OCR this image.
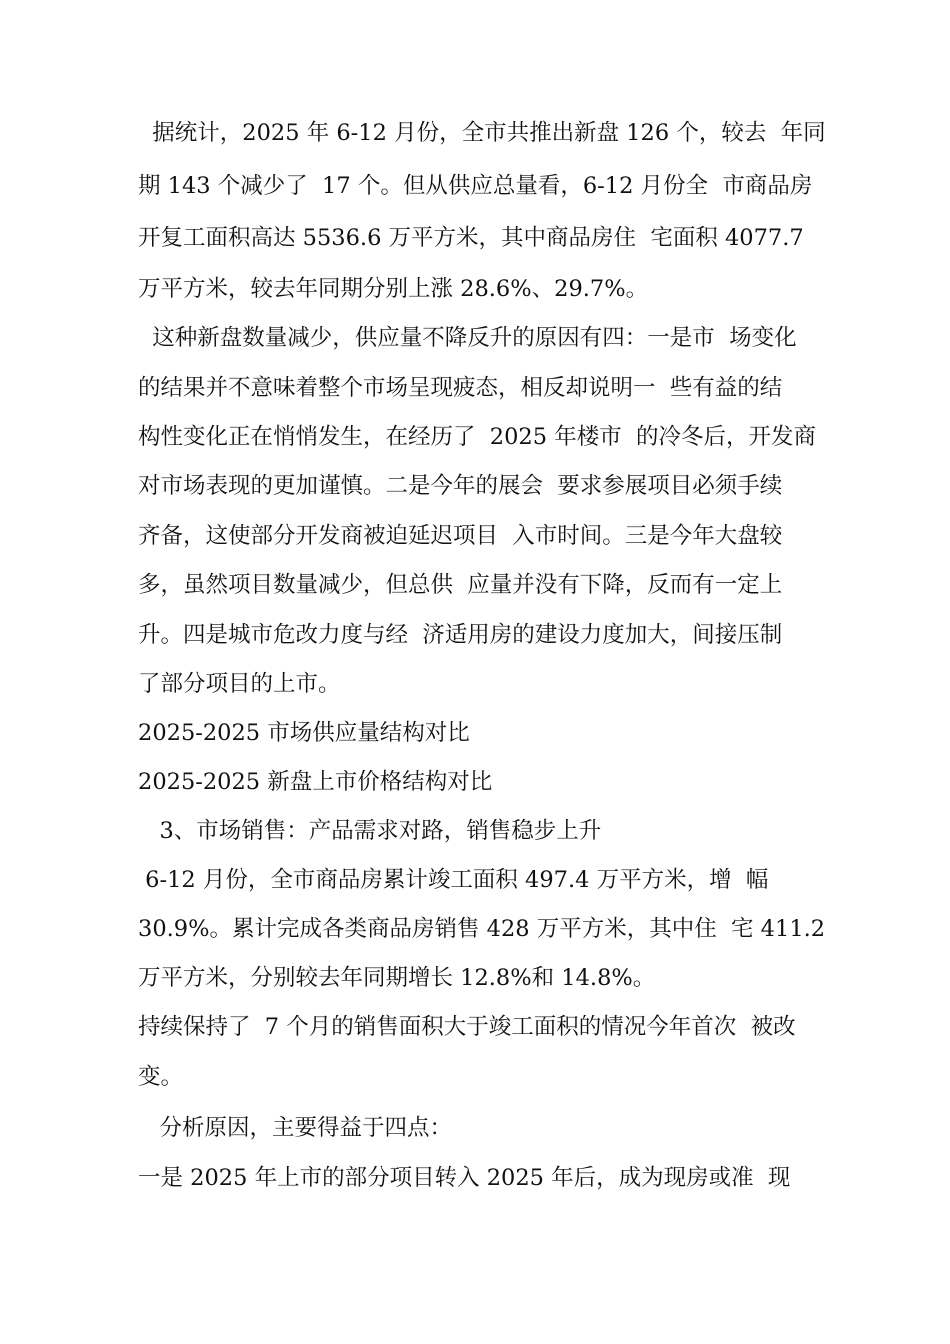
据统计，2025 年 6-12 月份，全市共推出新盘 126 个，较去  年同
期 143 个减少了  17 个。但从供应总量看，6-12 月份全  市商品房
开复工面积高达 5536.6 万平方米，其中商品房住  宅面积 4077.7
万平方米，较去年同期分别上涨 28.6%、29.7%。
这种新盘数量减少，供应量不降反升的原因有四：一是市  场变化
的结果并不意味着整个市场呈现疲态，相反却说明一  些有益的结
构性变化正在悄悄发生，在经历了  2025 年楼市  的冷冬后，开发商
对市场表现的更加谨慎。二是今年的展会  要求参展项目必须手续
齐备，这使部分开发商被迫延迟项目  入市时间。三是今年大盘较
多，虽然项目数量减少，但总供  应量并没有下降，反而有一定上
升。四是城市危改力度与经  济适用房的建设力度加大，间接压制
了部分项目的上市。
2025-2025 市场供应量结构对比
2025-2025 新盘上市价格结构对比
3、市场销售：产品需求对路，销售稳步上升
6-12 月份，全市商品房累计竣工面积 497.4 万平方米，增  幅
30.9%。累计完成各类商品房销售 428 万平方米，其中住  宅 411.2
万平方米，分别较去年同期增长 12.8%和 14.8%。
持续保持了  7 个月的销售面积大于竣工面积的情况今年首次  被改
变。
分析原因，主要得益于四点：
一是 2025 年上市的部分项目转入 2025 年后，成为现房或准  现
